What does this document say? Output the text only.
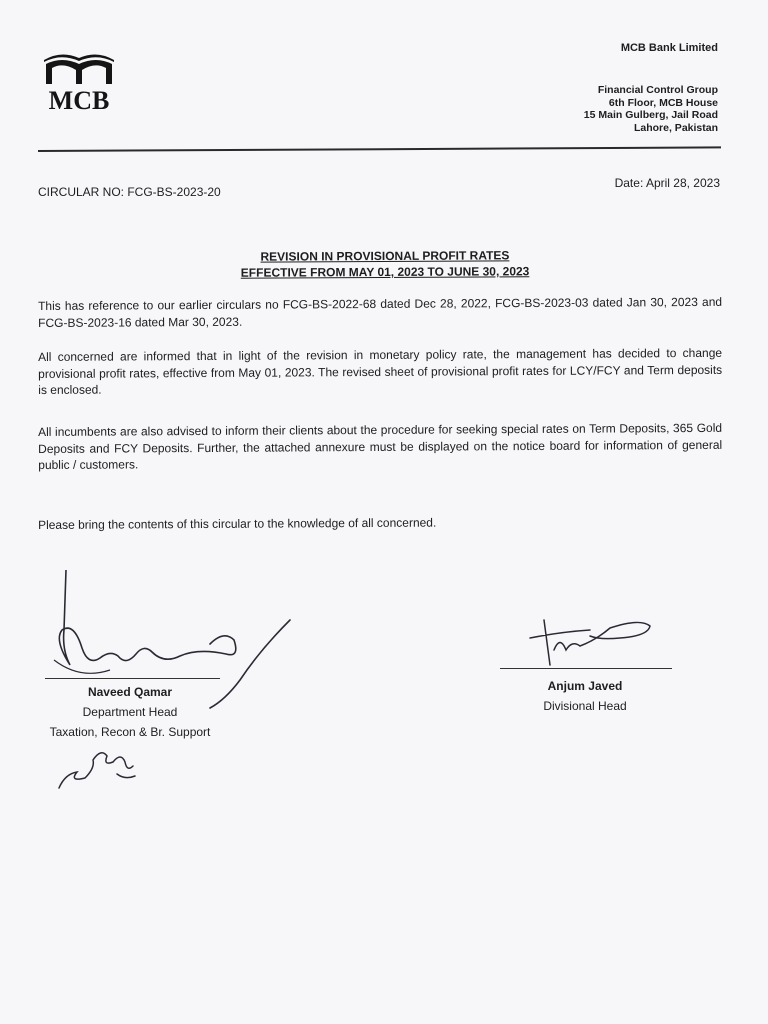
MCB
MCB Bank Limited
Financial Control Group
6th Floor, MCB House
15 Main Gulberg, Jail Road
Lahore, Pakistan
CIRCULAR NO: FCG-BS-2023-20
Date: April 28, 2023
REVISION IN PROVISIONAL PROFIT RATES
EFFECTIVE FROM MAY 01, 2023 TO JUNE 30, 2023
This has reference to our earlier circulars no FCG-BS-2022-68 dated Dec 28, 2022, FCG-BS-2023-03 dated Jan 30, 2023 and FCG-BS-2023-16 dated Mar 30, 2023.
All concerned are informed that in light of the revision in monetary policy rate, the management has decided to change provisional profit rates, effective from May 01, 2023. The revised sheet of provisional profit rates for LCY/FCY and Term deposits is enclosed.
All incumbents are also advised to inform their clients about the procedure for seeking special rates on Term Deposits, 365 Gold Deposits and FCY Deposits. Further, the attached annexure must be displayed on the notice board for information of general public / customers.
Please bring the contents of this circular to the knowledge of all concerned.
Naveed Qamar
Department Head
Taxation, Recon & Br. Support
Anjum Javed
Divisional Head
